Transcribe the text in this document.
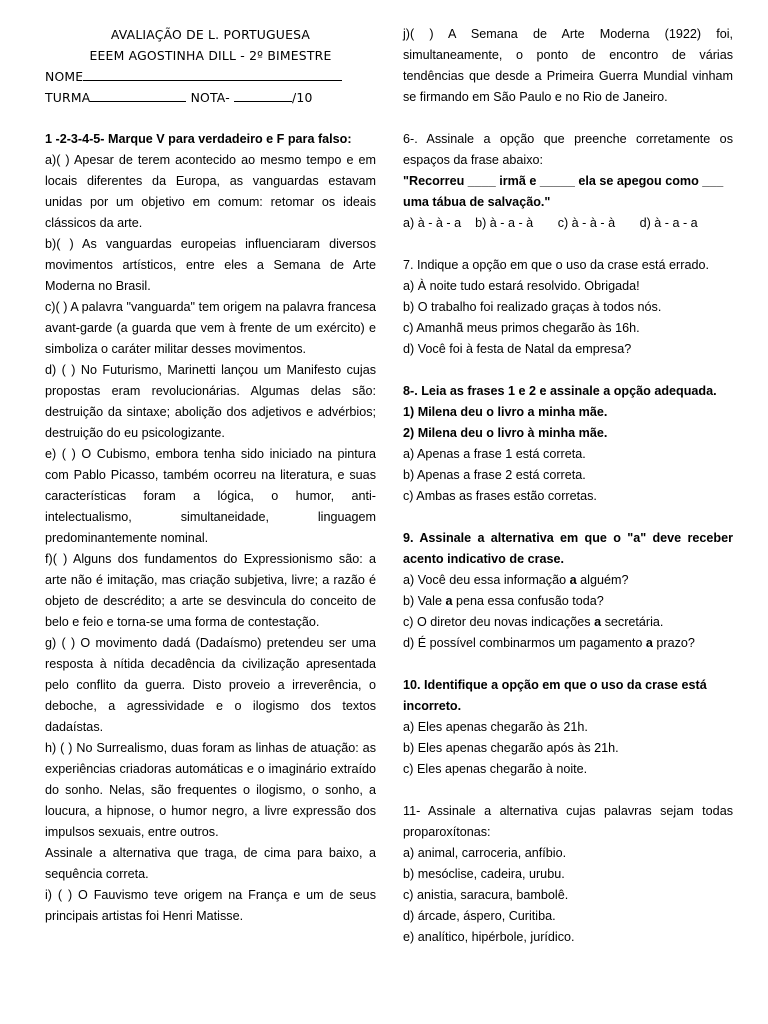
AVALIAÇÃO DE L. PORTUGUESA

EEEM AGOSTINHA DILL - 2º BIMESTRE

NOME

TURMA	NOTA-	/10

1 -2-3-4-5- Marque V para verdadeiro e F para falso:

a)( ) Apesar de terem acontecido ao mesmo tempo e em locais diferentes da Europa, as vanguardas estavam unidas por um objetivo em comum: retomar os ideais clássicos da arte.

b)( ) As vanguardas europeias influenciaram diversos movimentos artísticos, entre eles a Semana de Arte Moderna no Brasil.

c)( ) A palavra "vanguarda" tem origem na palavra francesa avant-garde (a guarda que vem à frente de um exército) e simboliza o caráter militar desses movimentos.

d) ( ) No Futurismo, Marinetti lançou um Manifesto cujas propostas eram revolucionárias. Algumas delas são: destruição da sintaxe; abolição dos adjetivos e advérbios; destruição do eu psicologizante.

e) ( ) O Cubismo, embora tenha sido iniciado na pintura com Pablo Picasso, também ocorreu na literatura, e suas características foram a lógica, o humor, anti-intelectualismo, simultaneidade, linguagem predominantemente nominal.

f)( ) Alguns dos fundamentos do Expressionismo são: a arte não é imitação, mas criação subjetiva, livre; a razão é objeto de descrédito; a arte se desvincula do conceito de belo e feio e torna-se uma forma de contestação.

g) ( ) O movimento dadá (Dadaísmo) pretendeu ser uma resposta à nítida decadência da civilização apresentada pelo conflito da guerra. Disto proveio a irreverência, o deboche, a agressividade e o ilogismo dos textos dadaístas.

h) ( ) No Surrealismo, duas foram as linhas de atuação: as experiências criadoras automáticas e o imaginário extraído do sonho. Nelas, são frequentes o ilogismo, o sonho, a loucura, a hipnose, o humor negro, a livre expressão dos impulsos sexuais, entre outros.

Assinale a alternativa que traga, de cima para baixo, a sequência correta.

i) ( ) O Fauvismo teve origem na França e um de seus principais artistas foi Henri Matisse.

j)( ) A Semana de Arte Moderna (1922) foi, simultaneamente, o ponto de encontro de várias tendências que desde a Primeira Guerra Mundial vinham se firmando em São Paulo e no Rio de Janeiro.

6-. Assinale a opção que preenche corretamente os espaços da frase abaixo:

"Recorreu ____ irmã e _____ ela se apegou como ___ uma tábua de salvação."

a) à - à - a b) à - a - à c) à - à - à d) à - a - a

7. Indique a opção em que o uso da crase está errado.

a) À noite tudo estará resolvido. Obrigada!

b) O trabalho foi realizado graças à todos nós.

c) Amanhã meus primos chegarão às 16h.

d) Você foi à festa de Natal da empresa?

8-. Leia as frases 1 e 2 e assinale a opção adequada.

1) Milena deu o livro a minha mãe.

2) Milena deu o livro à minha mãe.

a) Apenas a frase 1 está correta.

b) Apenas a frase 2 está correta.

c) Ambas as frases estão corretas.

9. Assinale a alternativa em que o "a" deve receber acento indicativo de crase.

a) Você deu essa informação a alguém?

b) Vale a pena essa confusão toda?

c) O diretor deu novas indicações a secretária.

d) É possível combinarmos um pagamento a prazo?

10. Identifique a opção em que o uso da crase está incorreto.

a) Eles apenas chegarão às 21h.

b) Eles apenas chegarão após às 21h.

c) Eles apenas chegarão à noite.

11- Assinale a alternativa cujas palavras sejam todas proparoxítonas:

a) animal, carroceria, anfíbio.

b) mesóclise, cadeira, urubu.

c) anistia, saracura, bambolê.

d) árcade, áspero, Curitiba.

e) analítico, hipérbole, jurídico.
